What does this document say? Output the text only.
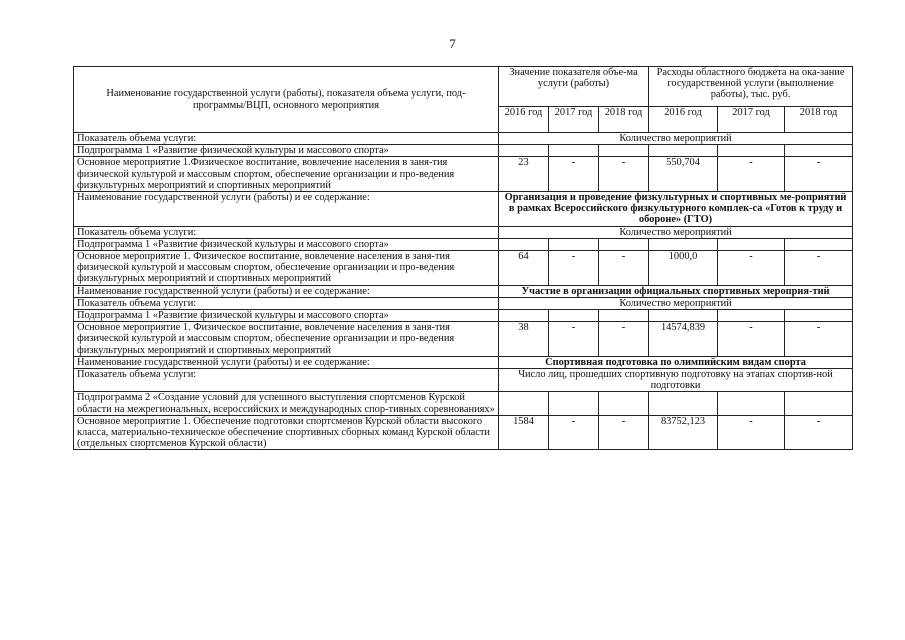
7
Наименование государственной услуги (работы), показателя объема услуги, под-программы/ВЦП, основного мероприятия	Значение показателя объе-ма услуги (работы)			Расходы областного бюджета на ока-зание государственной услуги (выполнение работы), тыс. руб.		
	2016 год	2017 год	2018 год	2016 год	2017 год	2018 год
Показатель объема услуги:	Количество мероприятий					
Подпрограмма 1 «Развитие физической культуры и массового спорта»						
Основное мероприятие 1.Физическое воспитание, вовлечение населения в заня-тия физической культурой и массовым спортом, обеспечение организации и про-ведения физкультурных мероприятий и спортивных мероприятий	23	-	-	550,704	-	-
Наименование государственной услуги (работы) и ее содержание:	Организация и проведение физкультурных и спортивных ме-роприятий в рамках Всероссийского физкультурного комплек-са «Готов к труду и обороне» (ГТО)					
Показатель объема услуги:	Количество мероприятий					
Подпрограмма 1 «Развитие физической культуры и массового спорта»						
Основное мероприятие 1. Физическое воспитание, вовлечение населения в заня-тия физической культурой и массовым спортом, обеспечение организации и про-ведения физкультурных мероприятий и спортивных мероприятий	64	-	-	1000,0	-	-
Наименование государственной услуги (работы) и ее содержание:	Участие в организации официальных спортивных мероприя-тий					
Показатель объема услуги:	Количество мероприятий					
Подпрограмма 1 «Развитие физической культуры и массового спорта»						
Основное мероприятие 1. Физическое воспитание, вовлечение населения в заня-тия физической культурой и массовым спортом, обеспечение организации и про-ведения физкультурных мероприятий и спортивных мероприятий	38	-	-	14574,839	-	-
Наименование государственной услуги (работы) и ее содержание:	Спортивная подготовка по олимпийским видам спорта					
Показатель объема услуги:	Число лиц, прошедших спортивную подготовку на этапах спортив-ной подготовки					
Подпрограмма 2 «Создание условий для успешного выступления спортсменов Курской области на межрегиональных, всероссийских и международных спор-тивных соревнованиях»						
Основное мероприятие 1. Обеспечение подготовки спортсменов Курской области высокого класса, материально-техническое обеспечение спортивных сборных команд Курской области (отдельных спортсменов Курской области)	1584	-	-	83752,123	-	-
